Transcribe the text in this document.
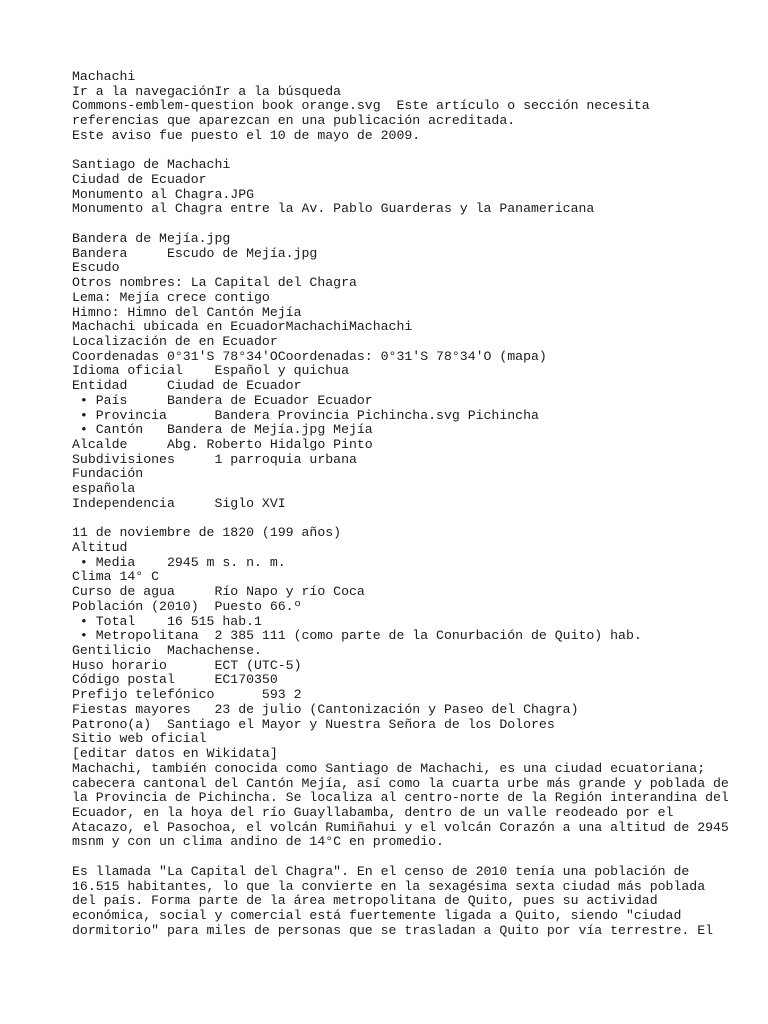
Machachi
Ir a la navegaciónIr a la búsqueda
Commons-emblem-question book orange.svg  Este artículo o sección necesita
referencias que aparezcan en una publicación acreditada.
Este aviso fue puesto el 10 de mayo de 2009.
Santiago de Machachi
Ciudad de Ecuador
Monumento al Chagra.JPG
Monumento al Chagra entre la Av. Pablo Guarderas y la Panamericana
Bandera de Mejía.jpg
Bandera     Escudo de Mejía.jpg
Escudo
Otros nombres: La Capital del Chagra
Lema: Mejía crece contigo
Himno: Himno del Cantón Mejía
Machachi ubicada en EcuadorMachachiMachachi
Localización de en Ecuador
Coordenadas 0°31′S 78°34′OCoordenadas: 0°31′S 78°34′O (mapa)
Idioma oficial    Español y quichua
Entidad     Ciudad de Ecuador
• País     Bandera de Ecuador Ecuador
• Provincia      Bandera Provincia Pichincha.svg Pichincha
• Cantón   Bandera de Mejía.jpg Mejía
Alcalde     Abg. Roberto Hidalgo Pinto
Subdivisiones     1 parroquia urbana
Fundación
española
Independencia     Siglo XVI
11 de noviembre de 1820 (199 años)
Altitud
• Media    2945 m s. n. m.
Clima 14° C
Curso de agua     Río Napo y río Coca
Población (2010)  Puesto 66.º
• Total    16 515 hab.1
• Metropolitana  2 385 111 (como parte de la Conurbación de Quito) hab.
Gentilicio  Machachense.
Huso horario      ECT (UTC-5)
Código postal     EC170350
Prefijo telefónico      593 2
Fiestas mayores   23 de julio (Cantonización y Paseo del Chagra)
Patrono(a)  Santiago el Mayor y Nuestra Señora de los Dolores
Sitio web oficial
[editar datos en Wikidata]
Machachi, también conocida como Santiago de Machachi, es una ciudad ecuatoriana;
cabecera cantonal del Cantón Mejía, así como la cuarta urbe más grande y poblada de
la Provincia de Pichincha. Se localiza al centro-norte de la Región interandina del
Ecuador, en la hoya del río Guayllabamba, dentro de un valle reodeado por el
Atacazo, el Pasochoa, el volcán Rumiñahui y el volcán Corazón a una altitud de 2945
msnm y con un clima andino de 14°C en promedio.
Es llamada "La Capital del Chagra". En el censo de 2010 tenía una población de
16.515 habitantes, lo que la convierte en la sexagésima sexta ciudad más poblada
del país. Forma parte de la área metropolitana de Quito, pues su actividad
económica, social y comercial está fuertemente ligada a Quito, siendo "ciudad
dormitorio" para miles de personas que se trasladan a Quito por vía terrestre. El
